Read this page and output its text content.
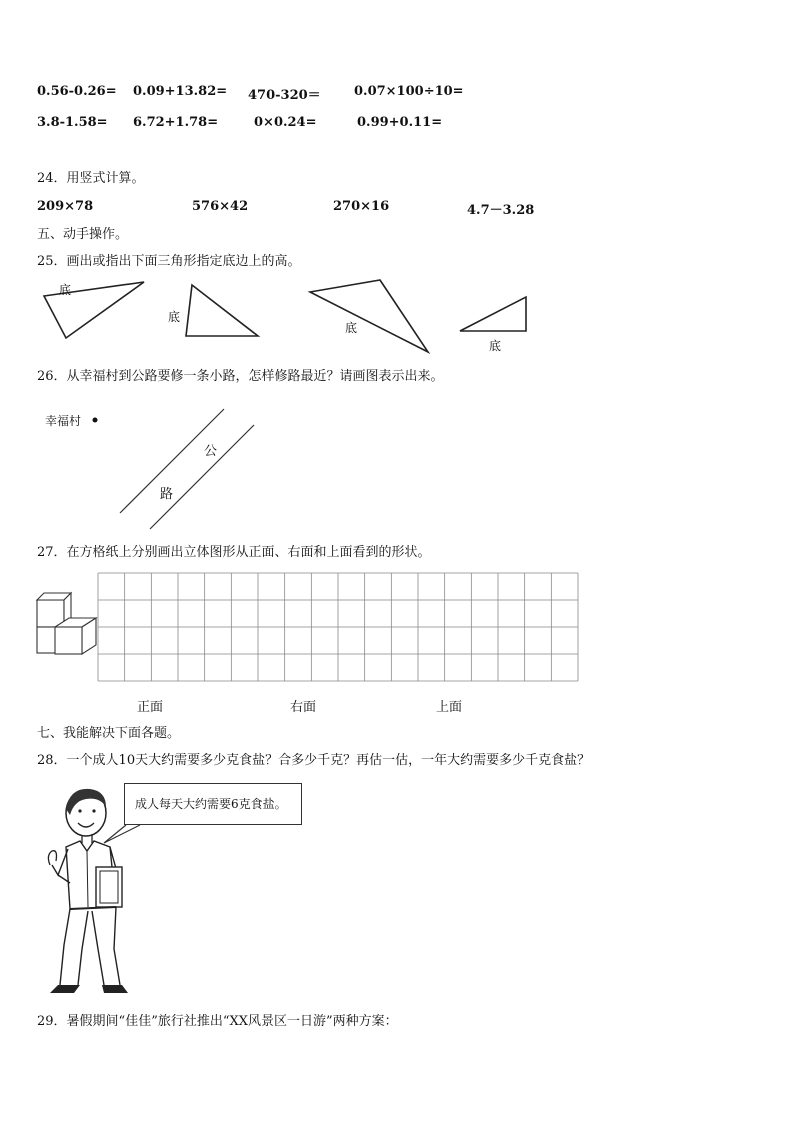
0.56-0.26= 0.09+13.82= 470-320＝	0.07×100÷10=
3.8-1.58= 6.72+1.78=	0×0.24=	0.99+0.11=
24．用竖式计算。
209×78	576×42	270×16	4.7－3.28
五、动手操作。
25．画出或指出下面三角形指定底边上的高。
底
底
底
底
26．从幸福村到公路要修一条小路，怎样修路最近？请画图表示出来。
幸福村
公
路
27．在方格纸上分别画出立体图形从正面、右面和上面看到的形状。
正面	右面	上面
七、我能解决下面各题。
28．一个成人10天大约需要多少克食盐？合多少千克？再估一估，一年大约需要多少千克食盐？
成人每天大约需要6克食盐。
29．暑假期间“佳佳”旅行社推出“XX风景区一日游”两种方案：
